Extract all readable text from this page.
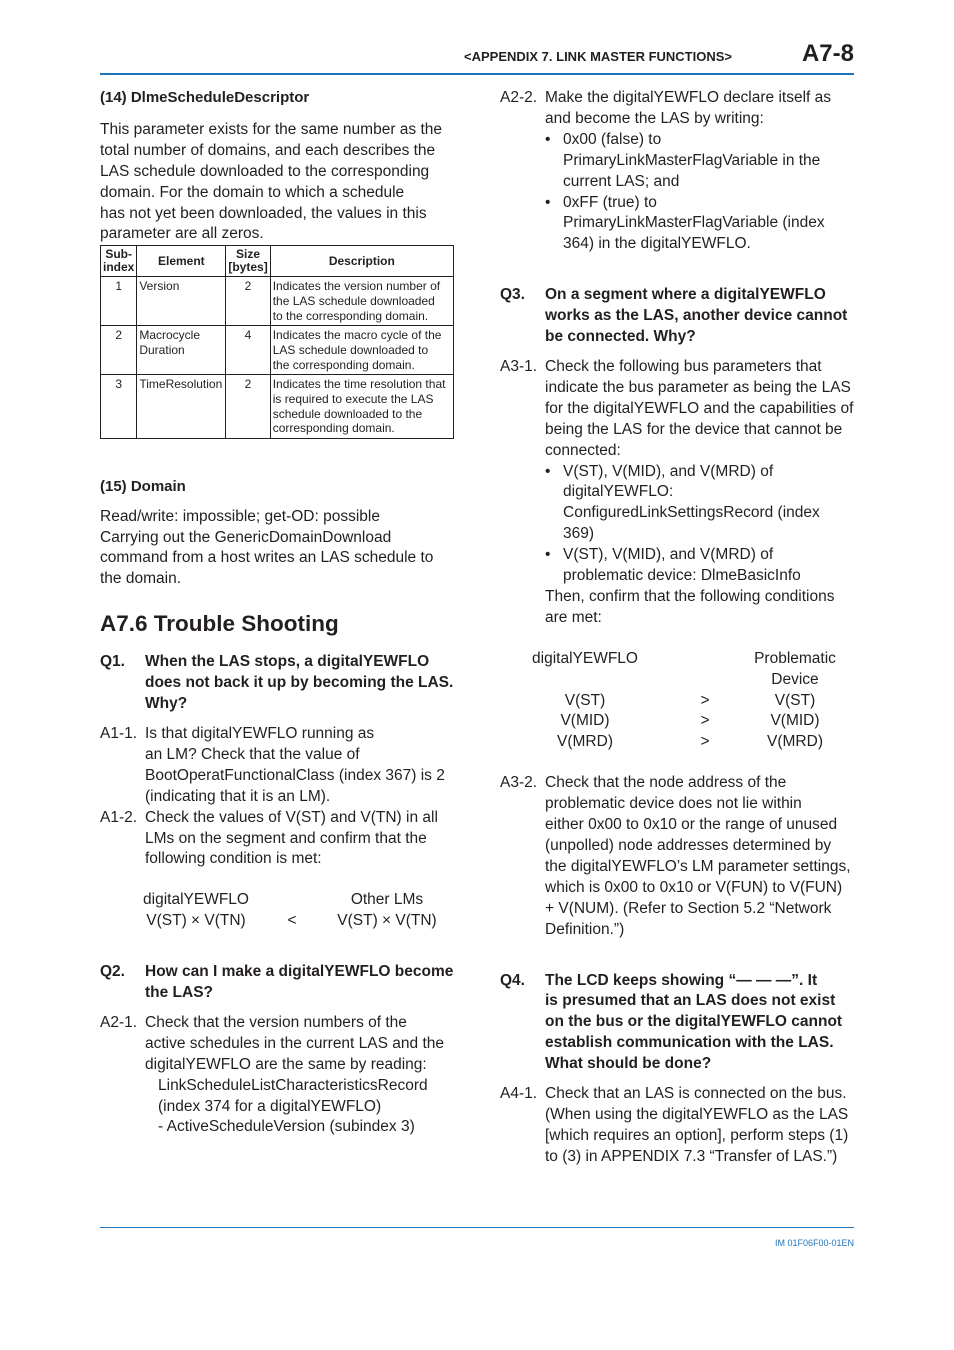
<APPENDIX 7. LINK MASTER FUNCTIONS>	A7-8

(14) DlmeScheduleDescriptor

This parameter exists for the same number as the
total number of domains, and each describes the
LAS schedule downloaded to the corresponding
domain. For the domain to which a schedule
has not yet been downloaded, the values in this
parameter are all zeros.
Sub-
index	Element	Size
[bytes]	Description
1	Version	2	Indicates the version number of
the LAS schedule downloaded
to the corresponding domain.
2	Macrocycle
Duration	4	Indicates the macro cycle of the
LAS schedule downloaded to
the corresponding domain.
3	TimeResolution	2	Indicates the time resolution that
is required to execute the LAS
schedule downloaded to the
corresponding domain.

(15) Domain

Read/write: impossible; get-OD: possible
Carrying out the GenericDomainDownload
command from a host writes an LAS schedule to
the domain.

A7.6 Trouble Shooting

Q1.	When the LAS stops, a digitalYEWFLO
does not back it up by becoming the LAS.
Why?
A1-1. Is that digitalYEWFLO running as
an LM? Check that the value of
BootOperatFunctionalClass (index 367) is 2
(indicating that it is an LM).
A1-2. Check the values of V(ST) and V(TN) in all
LMs on the segment and confirm that the
following condition is met:
digitalYEWFLO	Other LMs
V(ST) × V(TN)	<	V(ST) × V(TN)
Q2.	How can I make a digitalYEWFLO become
the LAS?
A2-1. Check that the version numbers of the
active schedules in the current LAS and the
digitalYEWFLO are the same by reading:
LinkScheduleListCharacteristicsRecord
(index 374 for a digitalYEWFLO)
- ActiveScheduleVersion (subindex 3)
A2-2. Make the digitalYEWFLO declare itself as
and become the LAS by writing:
• 0x00 (false) to
PrimaryLinkMasterFlagVariable in the
current LAS; and
• 0xFF (true) to
PrimaryLinkMasterFlagVariable (index
364) in the digitalYEWFLO.
Q3.	On a segment where a digitalYEWFLO
works as the LAS, another device cannot
be connected. Why?
A3-1. Check the following bus parameters that
indicate the bus parameter as being the LAS
for the digitalYEWFLO and the capabilities of
being the LAS for the device that cannot be
connected:
• V(ST), V(MID), and V(MRD) of
digitalYEWFLO:
ConfiguredLinkSettingsRecord (index
369)
• V(ST), V(MID), and V(MRD) of
problematic device: DlmeBasicInfo
Then, confirm that the following conditions
are met:
digitalYEWFLO	Problematic Device
V(ST)	>	V(ST)
V(MID)	>	V(MID)
V(MRD)	>	V(MRD)
A3-2. Check that the node address of the
problematic device does not lie within
either 0x00 to 0x10 or the range of unused
(unpolled) node addresses determined by
the digitalYEWFLO’s LM parameter settings,
which is 0x00 to 0x10 or V(FUN) to V(FUN)
+ V(NUM). (Refer to Section 5.2 “Network
Definition.”)
Q4.	The LCD keeps showing “— — —”. It
is presumed that an LAS does not exist
on the bus or the digitalYEWFLO cannot
establish communication with the LAS.
What should be done?
A4-1. Check that an LAS is connected on the bus.
(When using the digitalYEWFLO as the LAS
[which requires an option], perform steps (1)
to (3) in APPENDIX 7.3 “Transfer of LAS.”)
IM 01F06F00-01EN
